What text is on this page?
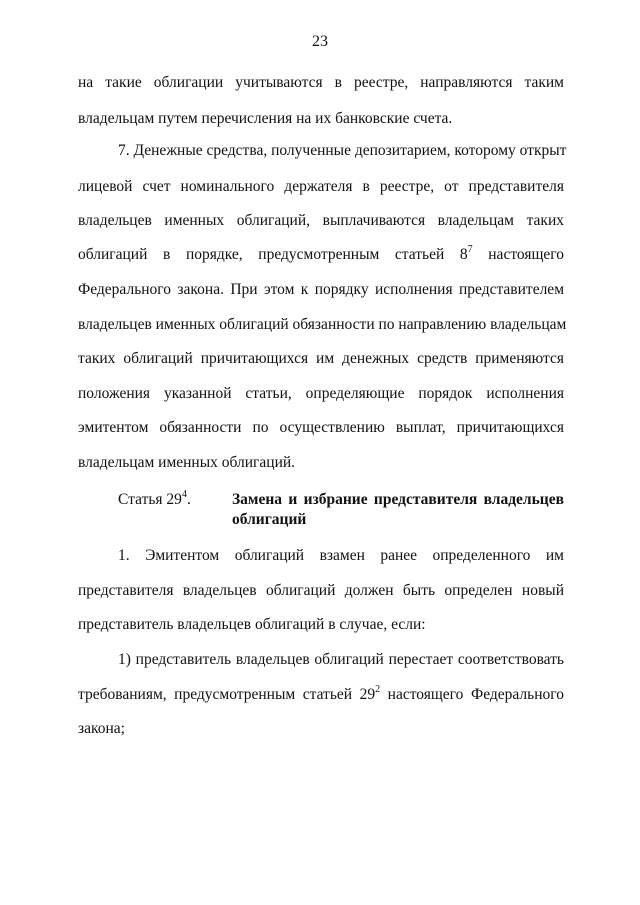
23
на такие облигации учитываются в реестре, направляются таким
владельцам путем перечисления на их банковские счета.
7. Денежные средства, полученные депозитарием, которому открыт
лицевой счет номинального держателя в реестре, от представителя
владельцев именных облигаций, выплачиваются владельцам таких
облигаций в порядке, предусмотренным статьей $8^7$ настоящего
Федерального закона. При этом к порядку исполнения представителем
владельцев именных облигаций обязанности по направлению владельцам
таких облигаций причитающихся им денежных средств применяются
положения указанной статьи, определяющие порядок исполнения
эмитентом обязанности по осуществлению выплат, причитающихся
владельцам именных облигаций.
Статья $29^4$.	Замена и избрание представителя владельцев
облигаций
1. Эмитентом облигаций взамен ранее определенного им
представителя владельцев облигаций должен быть определен новый
представитель владельцев облигаций в случае, если:
1) представитель владельцев облигаций перестает соответствовать
требованиям, предусмотренным статьей $29^2$ настоящего Федерального
закона;
